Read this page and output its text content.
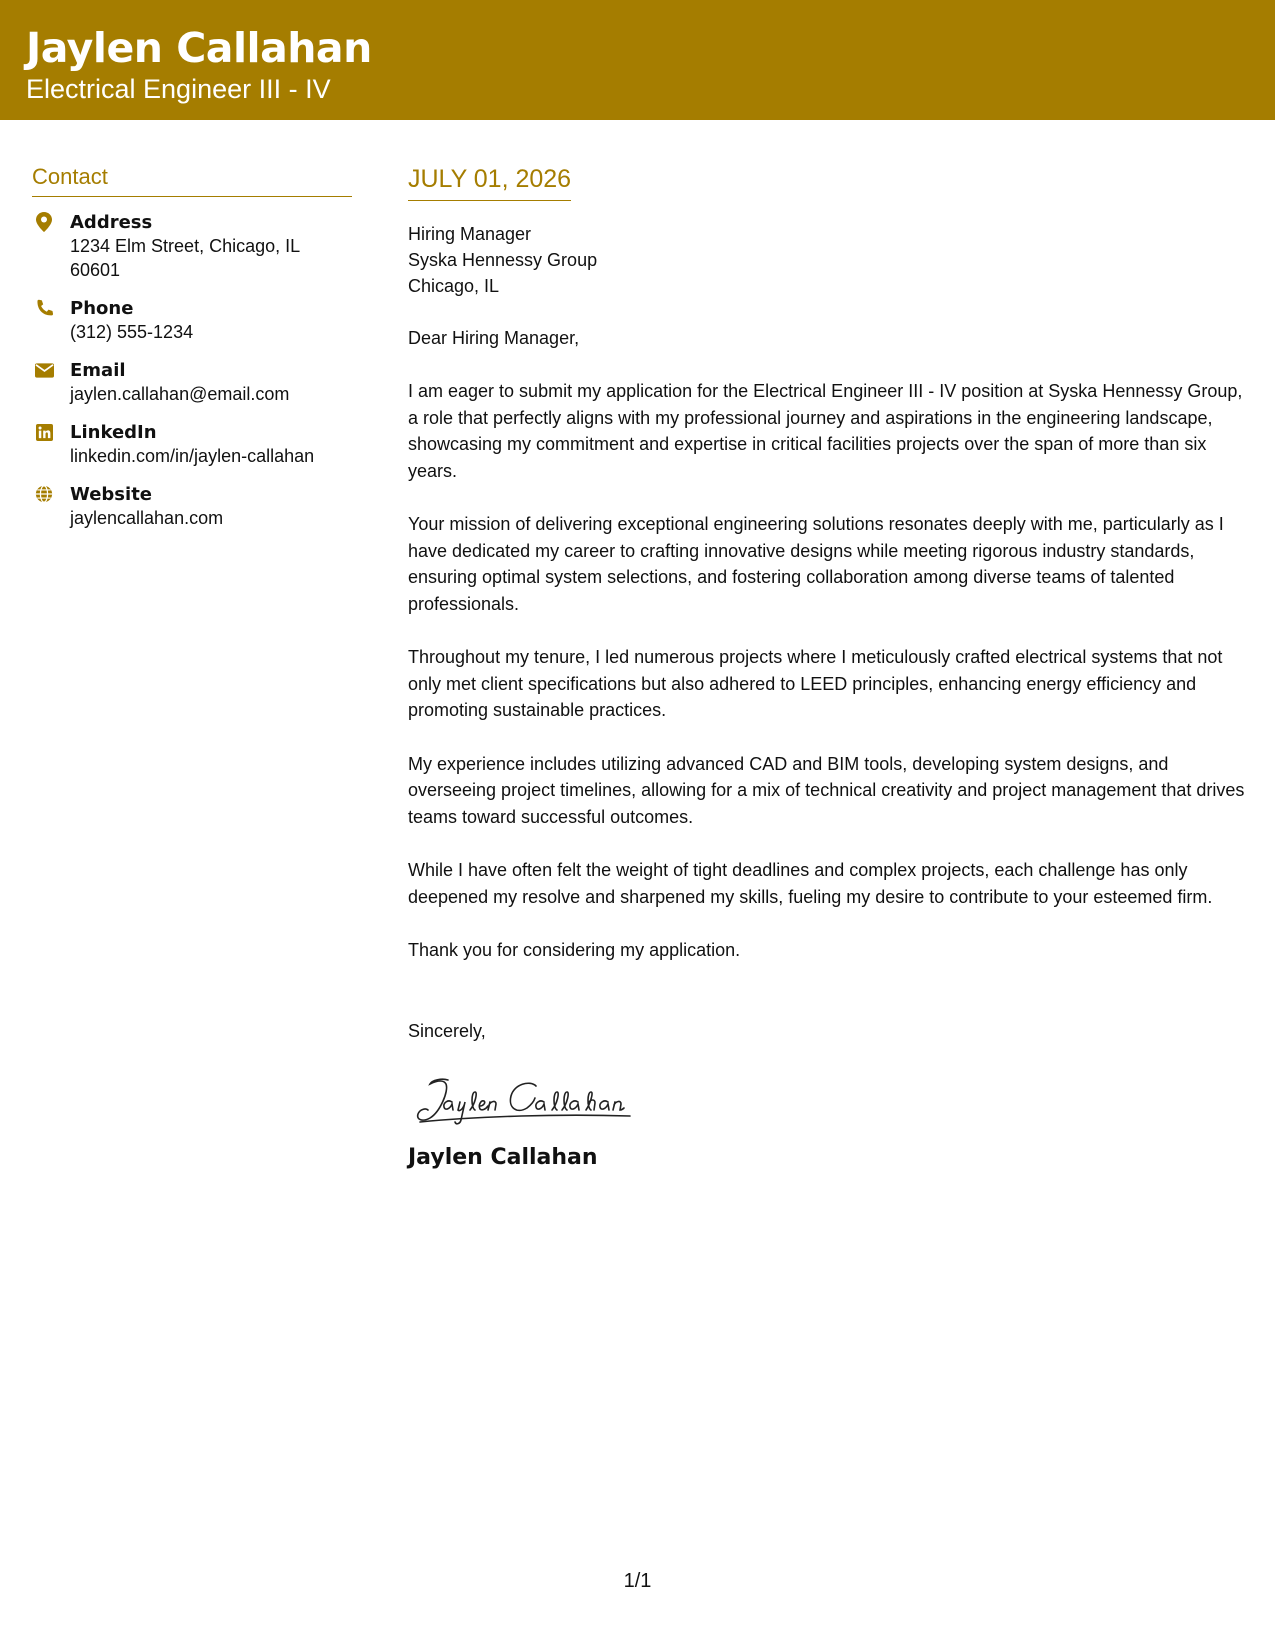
Jaylen Callahan
Electrical Engineer III - IV
Contact
Address
1234 Elm Street, Chicago, IL 60601
Phone
(312) 555-1234
Email
jaylen.callahan@email.com
LinkedIn
linkedin.com/in/jaylen-callahan
Website
jaylencallahan.com
JULY 01, 2026
Hiring Manager
Syska Hennessy Group
Chicago, IL
Dear Hiring Manager,

I am eager to submit my application for the Electrical Engineer III - IV position at Syska Hennessy Group, a role that perfectly aligns with my professional journey and aspirations in the engineering landscape, showcasing my commitment and expertise in critical facilities projects over the span of more than six years.

Your mission of delivering exceptional engineering solutions resonates deeply with me, particularly as I have dedicated my career to crafting innovative designs while meeting rigorous industry standards, ensuring optimal system selections, and fostering collaboration among diverse teams of talented professionals.

Throughout my tenure, I led numerous projects where I meticulously crafted electrical systems that not only met client specifications but also adhered to LEED principles, enhancing energy efficiency and promoting sustainable practices.

My experience includes utilizing advanced CAD and BIM tools, developing system designs, and overseeing project timelines, allowing for a mix of technical creativity and project management that drives teams toward successful outcomes.

While I have often felt the weight of tight deadlines and complex projects, each challenge has only deepened my resolve and sharpened my skills, fueling my desire to contribute to your esteemed firm.

Thank you for considering my application.

Sincerely,
Jaylen Callahan
1/1
